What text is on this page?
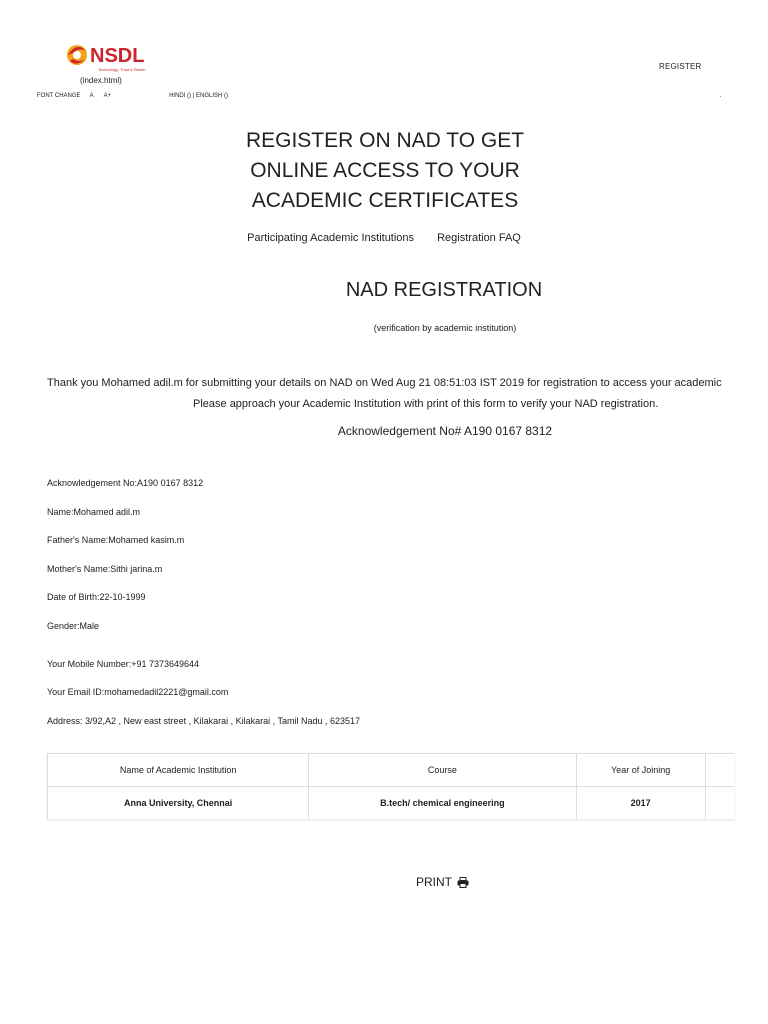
NSDL
Technology, Trust & Reach
(index.html)
REGISTER
FONT CHANGE A A+	HINDI () | ENGLISH ()
REGISTER ON NAD TO GET
ONLINE ACCESS TO YOUR
ACADEMIC CERTIFICATES
Participating Academic Institutions Registration FAQ
NAD REGISTRATION
(verification by academic institution)
Thank you Mohamed adil.m for submitting your details on NAD on Wed Aug 21 08:51:03 IST 2019 for registration to access your academic
Please approach your Academic Institution with print of this form to verify your NAD registration.
Acknowledgement No# A190 0167 8312
Acknowledgement No:A190 0167 8312
Name:Mohamed adil.m
Father's Name:Mohamed kasim.m
Mother's Name:Sithi jarina.m
Date of Birth:22-10-1999
Gender:Male
Your Mobile Number:+91 7373649644
Your Email ID:mohamedadil2221@gmail.com
Address: 3/92,A2 , New east street , Kilakarai , Kilakarai , Tamil Nadu , 623517
Name of Academic Institution	Course	Year of Joining	
Anna University, Chennai	B.tech/ chemical engineering	2017	
PRINT
